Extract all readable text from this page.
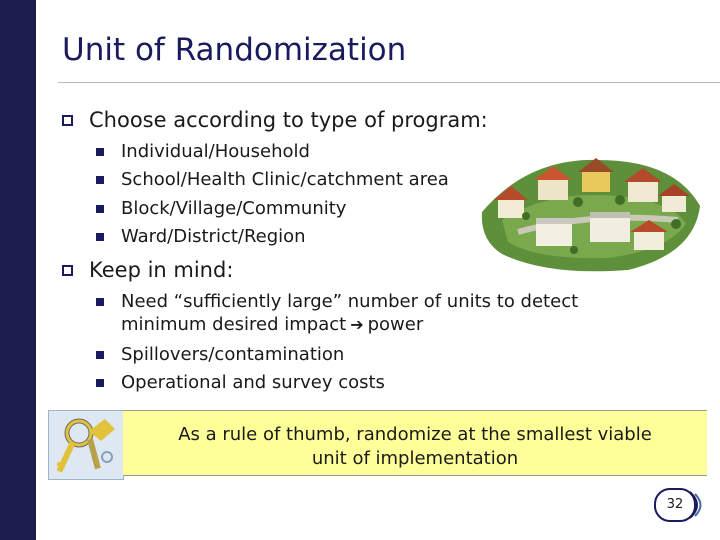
Unit of Randomization
Choose according to type of program:
Individual/Household
School/Health Clinic/catchment area
Block/Village/Community
Ward/District/Region
Keep in mind:
Need “sufficiently large” number of units to detect
minimum desired impact ➔ power
Spillovers/contamination
Operational and survey costs
As a rule of thumb, randomize at the smallest viable
unit of implementation
32
